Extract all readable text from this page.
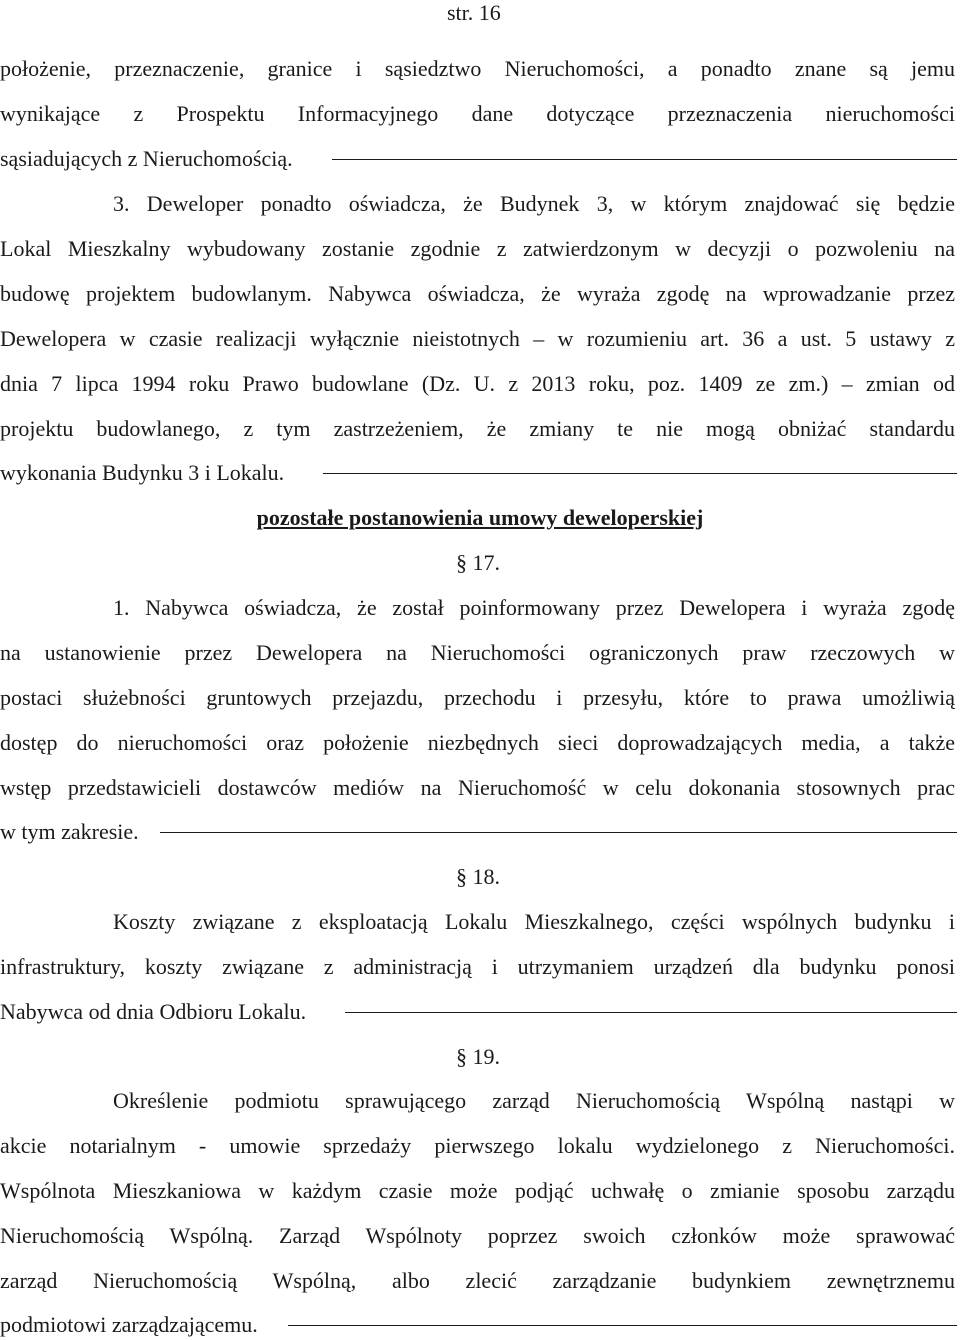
str. 16
położenie, przeznaczenie, granice i sąsiedztwo Nieruchomości, a ponadto znane są jemu
wynikające z Prospektu Informacyjnego dane dotyczące przeznaczenia nieruchomości
sąsiadujących z Nieruchomością.
3. Deweloper ponadto oświadcza, że Budynek 3, w którym znajdować się będzie
Lokal Mieszkalny wybudowany zostanie zgodnie z zatwierdzonym w decyzji o pozwoleniu na
budowę projektem budowlanym. Nabywca oświadcza, że wyraża zgodę na wprowadzanie przez
Dewelopera w czasie realizacji wyłącznie nieistotnych – w rozumieniu art. 36 a ust. 5 ustawy z
dnia 7 lipca 1994 roku Prawo budowlane (Dz. U. z 2013 roku, poz. 1409 ze zm.) – zmian od
projektu budowlanego, z tym zastrzeżeniem, że zmiany te nie mogą obniżać standardu
wykonania Budynku 3 i Lokalu.
pozostałe postanowienia umowy deweloperskiej
§ 17.
1. Nabywca oświadcza, że został poinformowany przez Dewelopera i wyraża zgodę
na ustanowienie przez Dewelopera na Nieruchomości ograniczonych praw rzeczowych w
postaci służebności gruntowych przejazdu, przechodu i przesyłu, które to prawa umożliwią
dostęp do nieruchomości oraz położenie niezbędnych sieci doprowadzających media, a także
wstęp przedstawicieli dostawców mediów na Nieruchomość w celu dokonania stosownych prac
w tym zakresie.
§ 18.
Koszty związane z eksploatacją Lokalu Mieszkalnego, części wspólnych budynku i
infrastruktury, koszty związane z administracją i utrzymaniem urządzeń dla budynku ponosi
Nabywca od dnia Odbioru Lokalu.
§ 19.
Określenie podmiotu sprawującego zarząd Nieruchomością Wspólną nastąpi w
akcie notarialnym - umowie sprzedaży pierwszego lokalu wydzielonego z Nieruchomości.
Wspólnota Mieszkaniowa w każdym czasie może podjąć uchwałę o zmianie sposobu zarządu
Nieruchomością Wspólną. Zarząd Wspólnoty poprzez swoich członków może sprawować
zarząd Nieruchomością Wspólną, albo zlecić zarządzanie budynkiem zewnętrznemu
podmiotowi zarządzającemu.
